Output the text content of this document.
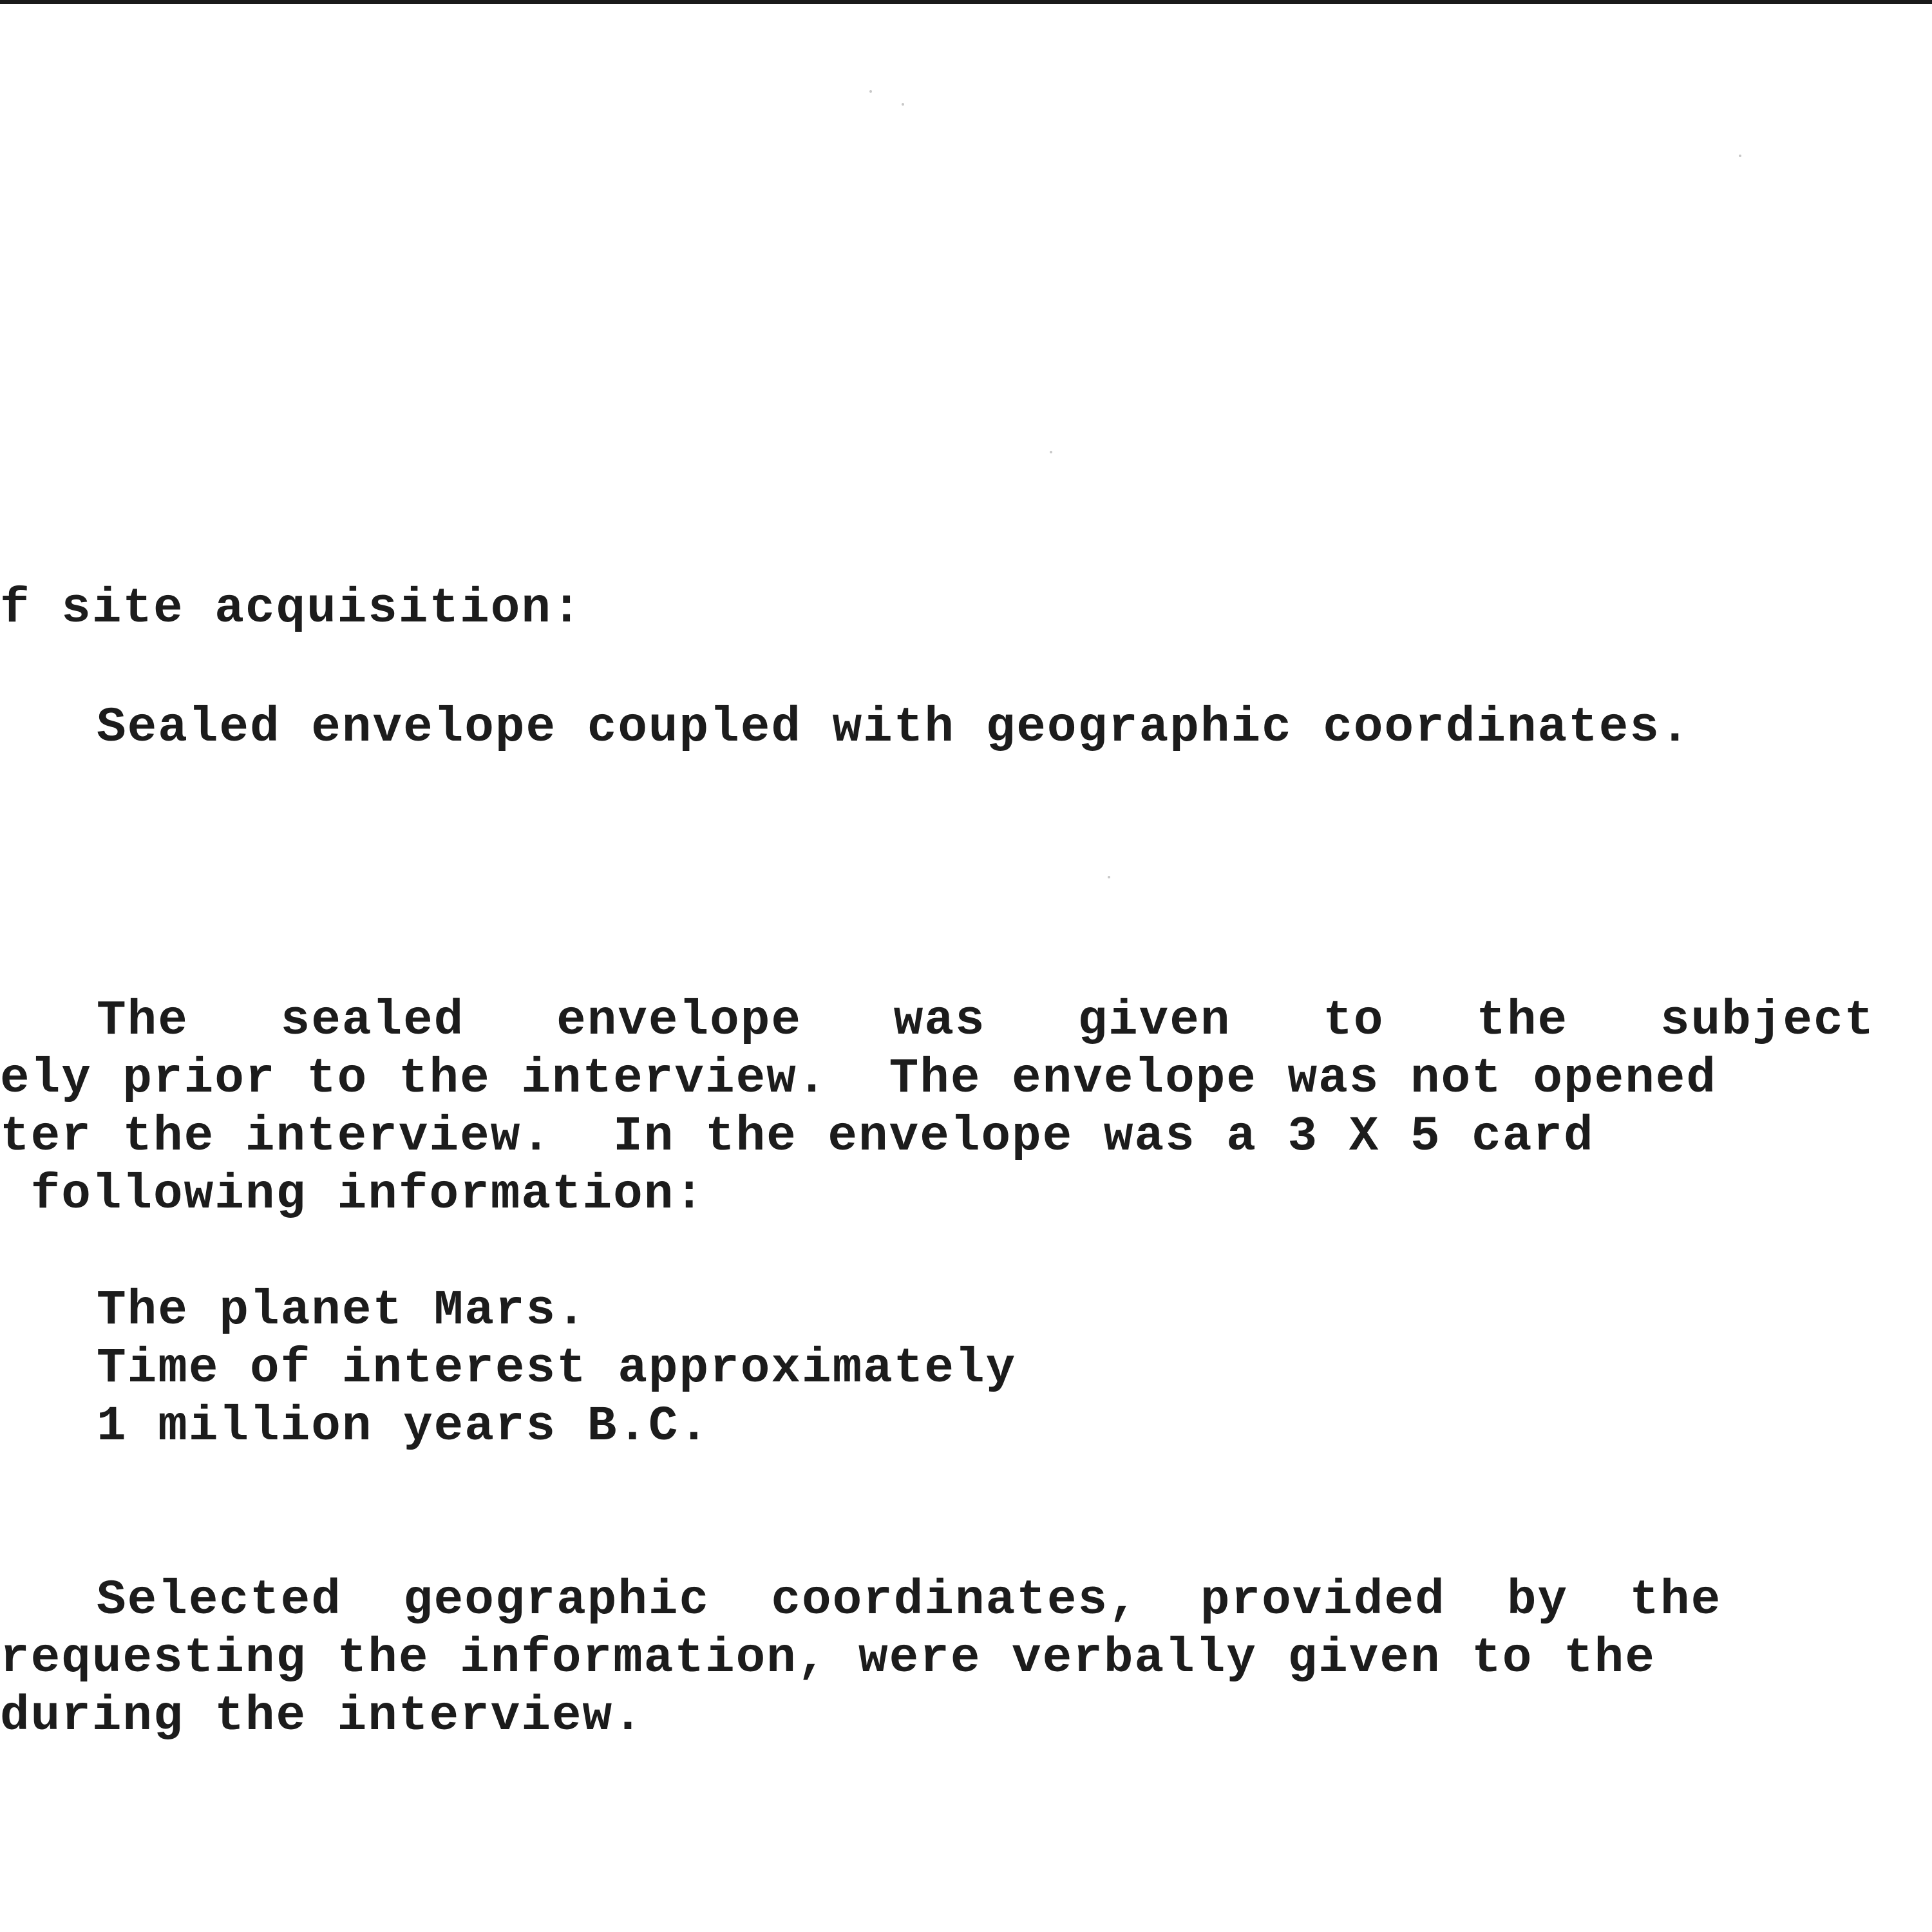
f site acquisition:

Sealed envelope coupled with geographic coordinates.

The   sealed   envelope   was   given   to   the   subject

ely prior to the interview.  The envelope was not opened

ter the interview.  In the envelope was a 3 X 5 card

following information:

The planet Mars.

Time of interest approximately

1 million years B.C.

Selected  geographic  coordinates,  provided  by  the

requesting the information, were verbally given to the

during the interview.
